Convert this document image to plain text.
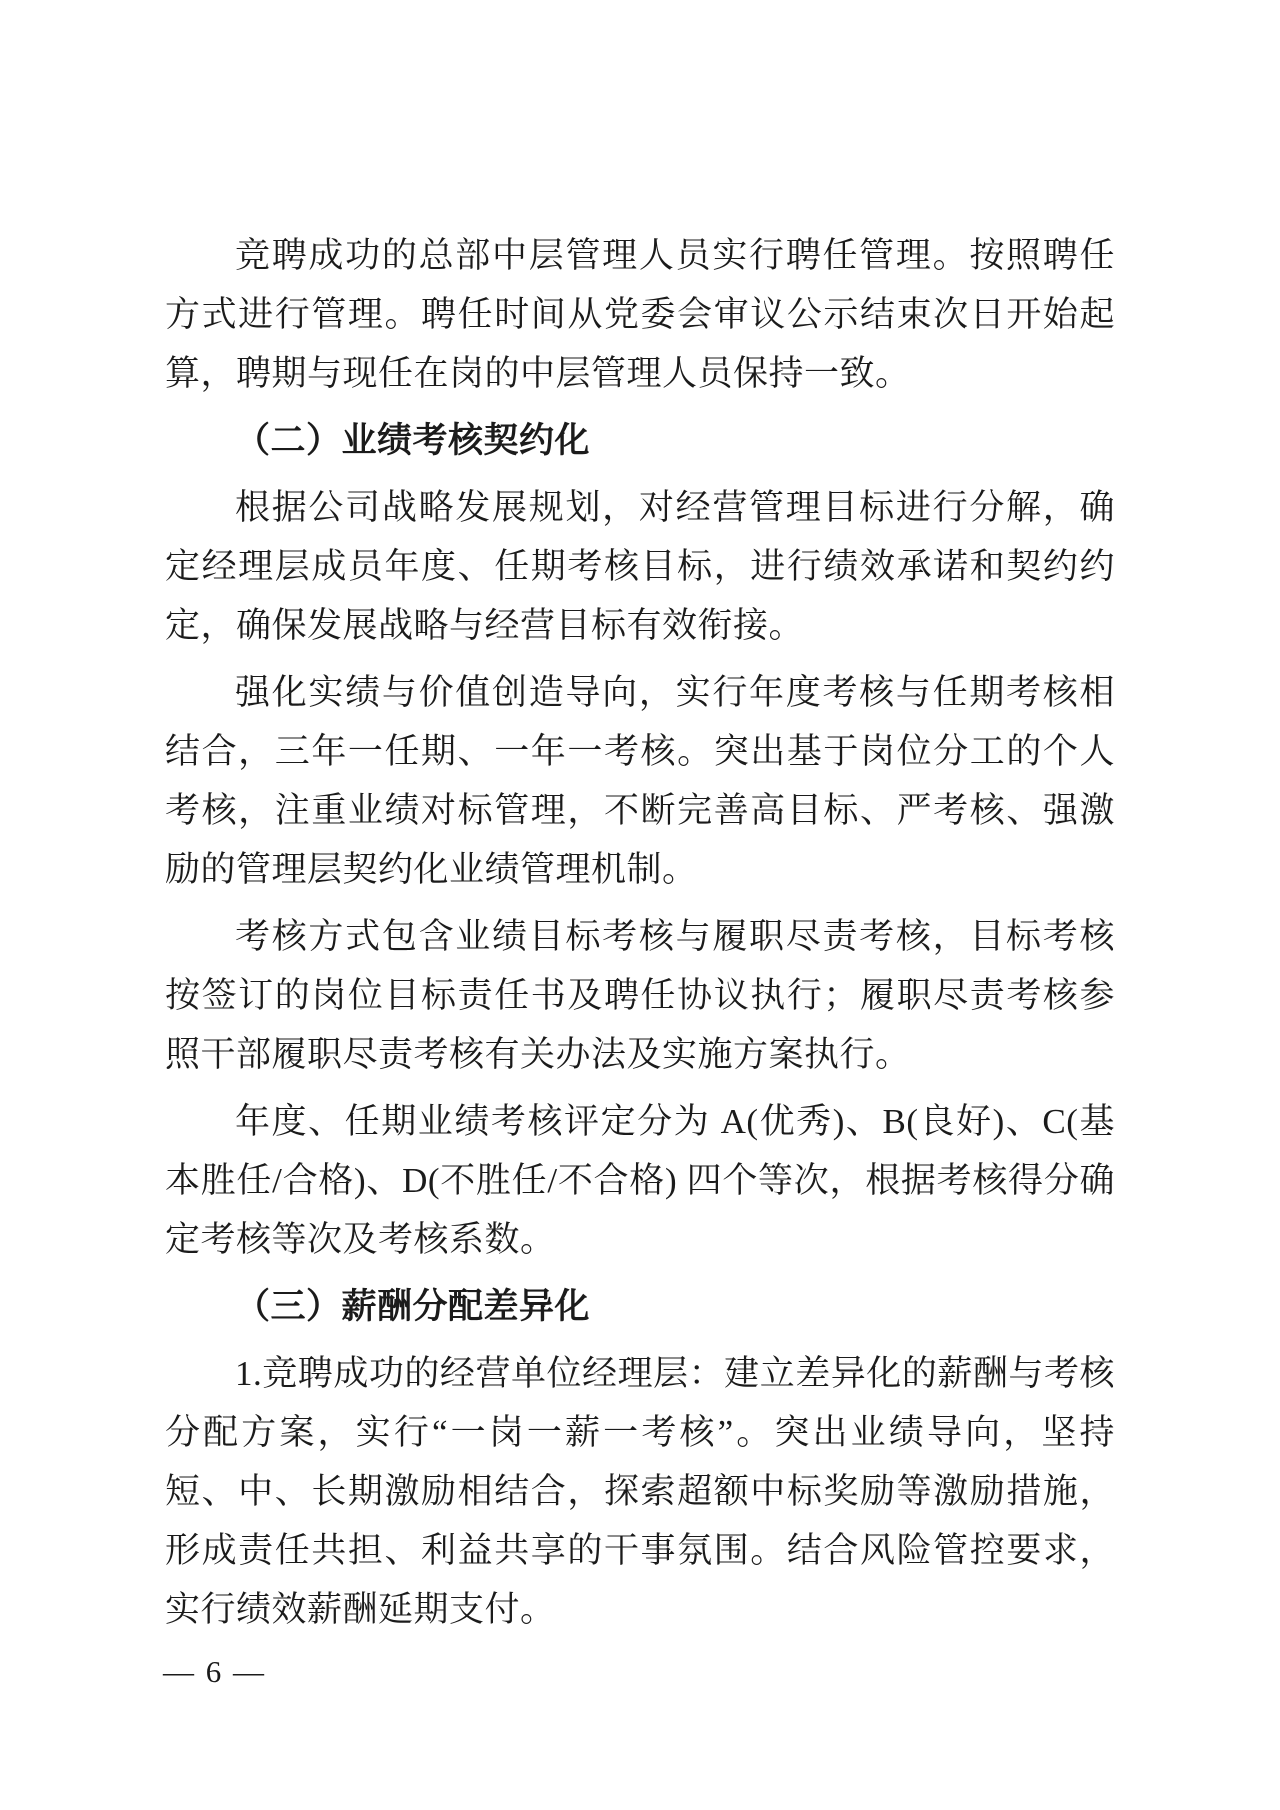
竞聘成功的总部中层管理人员实行聘任管理。按照聘任方式进行管理。聘任时间从党委会审议公示结束次日开始起算，聘期与现任在岗的中层管理人员保持一致。

（二）业绩考核契约化

根据公司战略发展规划，对经营管理目标进行分解，确定经理层成员年度、任期考核目标，进行绩效承诺和契约约定，确保发展战略与经营目标有效衔接。

强化实绩与价值创造导向，实行年度考核与任期考核相结合，三年一任期、一年一考核。突出基于岗位分工的个人考核，注重业绩对标管理，不断完善高目标、严考核、强激励的管理层契约化业绩管理机制。

考核方式包含业绩目标考核与履职尽责考核，目标考核按签订的岗位目标责任书及聘任协议执行；履职尽责考核参照干部履职尽责考核有关办法及实施方案执行。

年度、任期业绩考核评定分为 A(优秀)、B(良好)、C(基本胜任/合格)、D(不胜任/不合格) 四个等次，根据考核得分确定考核等次及考核系数。

（三）薪酬分配差异化

1.竞聘成功的经营单位经理层：建立差异化的薪酬与考核分配方案，实行“一岗一薪一考核”。突出业绩导向，坚持短、中、长期激励相结合，探索超额中标奖励等激励措施，形成责任共担、利益共享的干事氛围。结合风险管控要求，实行绩效薪酬延期支付。

— 6 —
